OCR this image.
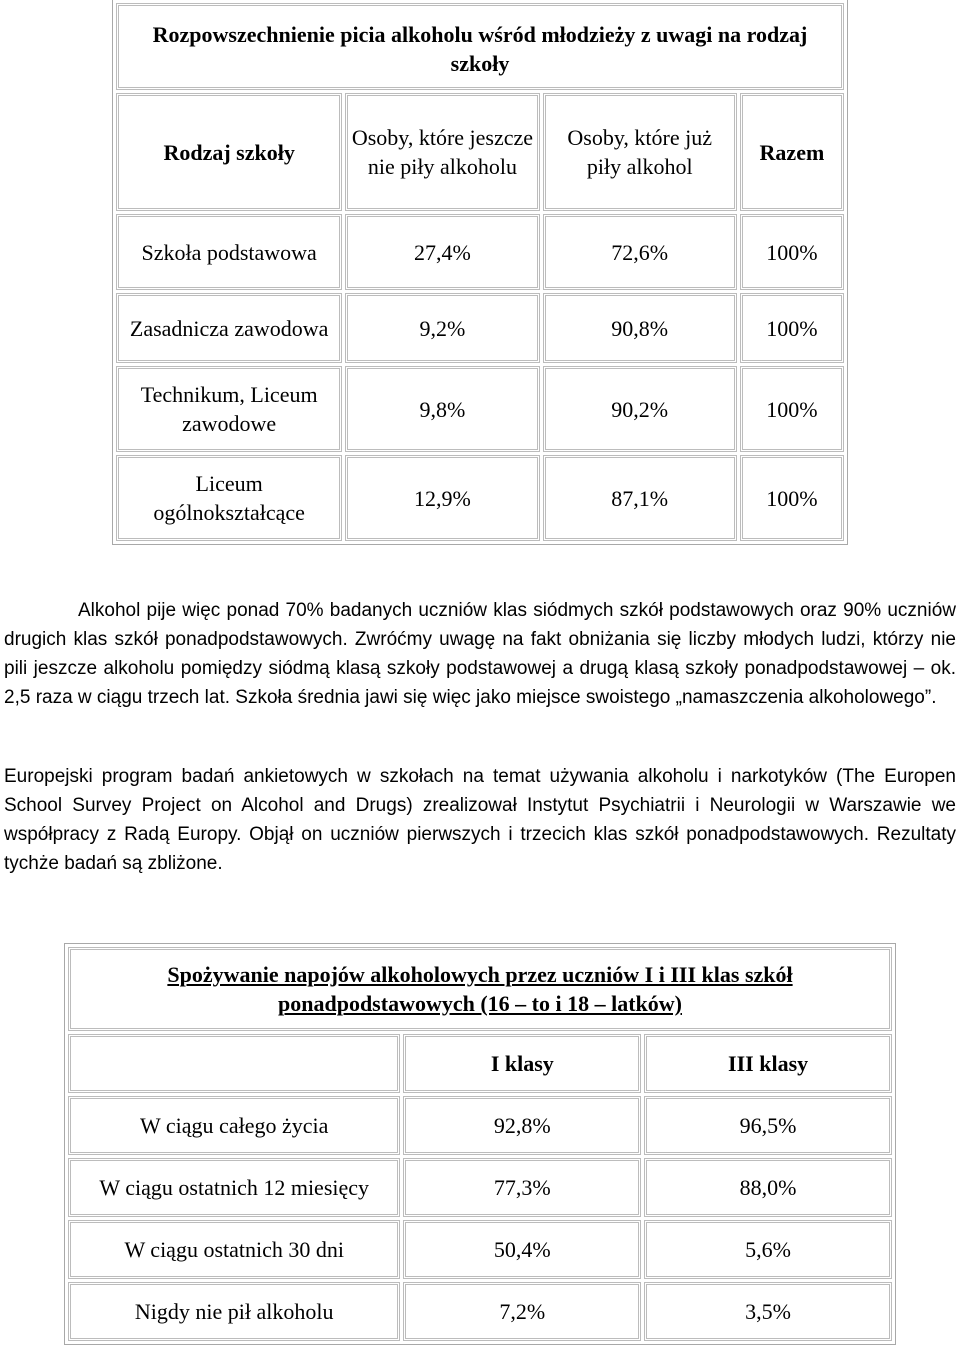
Rozpowszechnienie picia alkoholu wśród młodzieży z uwagi na rodzaj szkoły			
Rodzaj szkoły	Osoby, które jeszcze nie piły alkoholu	Osoby, które już piły alkohol	Razem
Szkoła podstawowa	27,4%	72,6%	100%
Zasadnicza zawodowa	9,2%	90,8%	100%
Technikum, Liceum zawodowe	9,8%	90,2%	100%
Liceum ogólnokształcące	12,9%	87,1%	100%

Alkohol pije więc ponad 70% badanych uczniów klas siódmych szkół podstawowych oraz 90% uczniów drugich klas szkół ponadpodstawowych. Zwróćmy uwagę na fakt obniżania się liczby młodych ludzi, którzy nie pili jeszcze alkoholu pomiędzy siódmą klasą szkoły podstawowej a drugą klasą szkoły ponadpodstawowej – ok. 2,5 raza w ciągu trzech lat. Szkoła średnia jawi się więc jako miejsce swoistego „namaszczenia alkoholowego”.

Europejski program badań ankietowych w szkołach na temat używania alkoholu i narkotyków (The Europen School Survey Project on Alcohol and Drugs) zrealizował Instytut Psychiatrii i Neurologii w Warszawie we współpracy z Radą Europy. Objął on uczniów pierwszych i trzecich klas szkół ponadpodstawowych. Rezultaty tychże badań są zbliżone.

Spożywanie napojów alkoholowych przez uczniów I i III klas szkół ponadpodstawowych (16 – to i 18 – latków)		
	I klasy	III klasy
W ciągu całego życia	92,8%	96,5%
W ciągu ostatnich 12 miesięcy	77,3%	88,0%
W ciągu ostatnich 30 dni	50,4%	5,6%
Nigdy nie pił alkoholu	7,2%	3,5%
